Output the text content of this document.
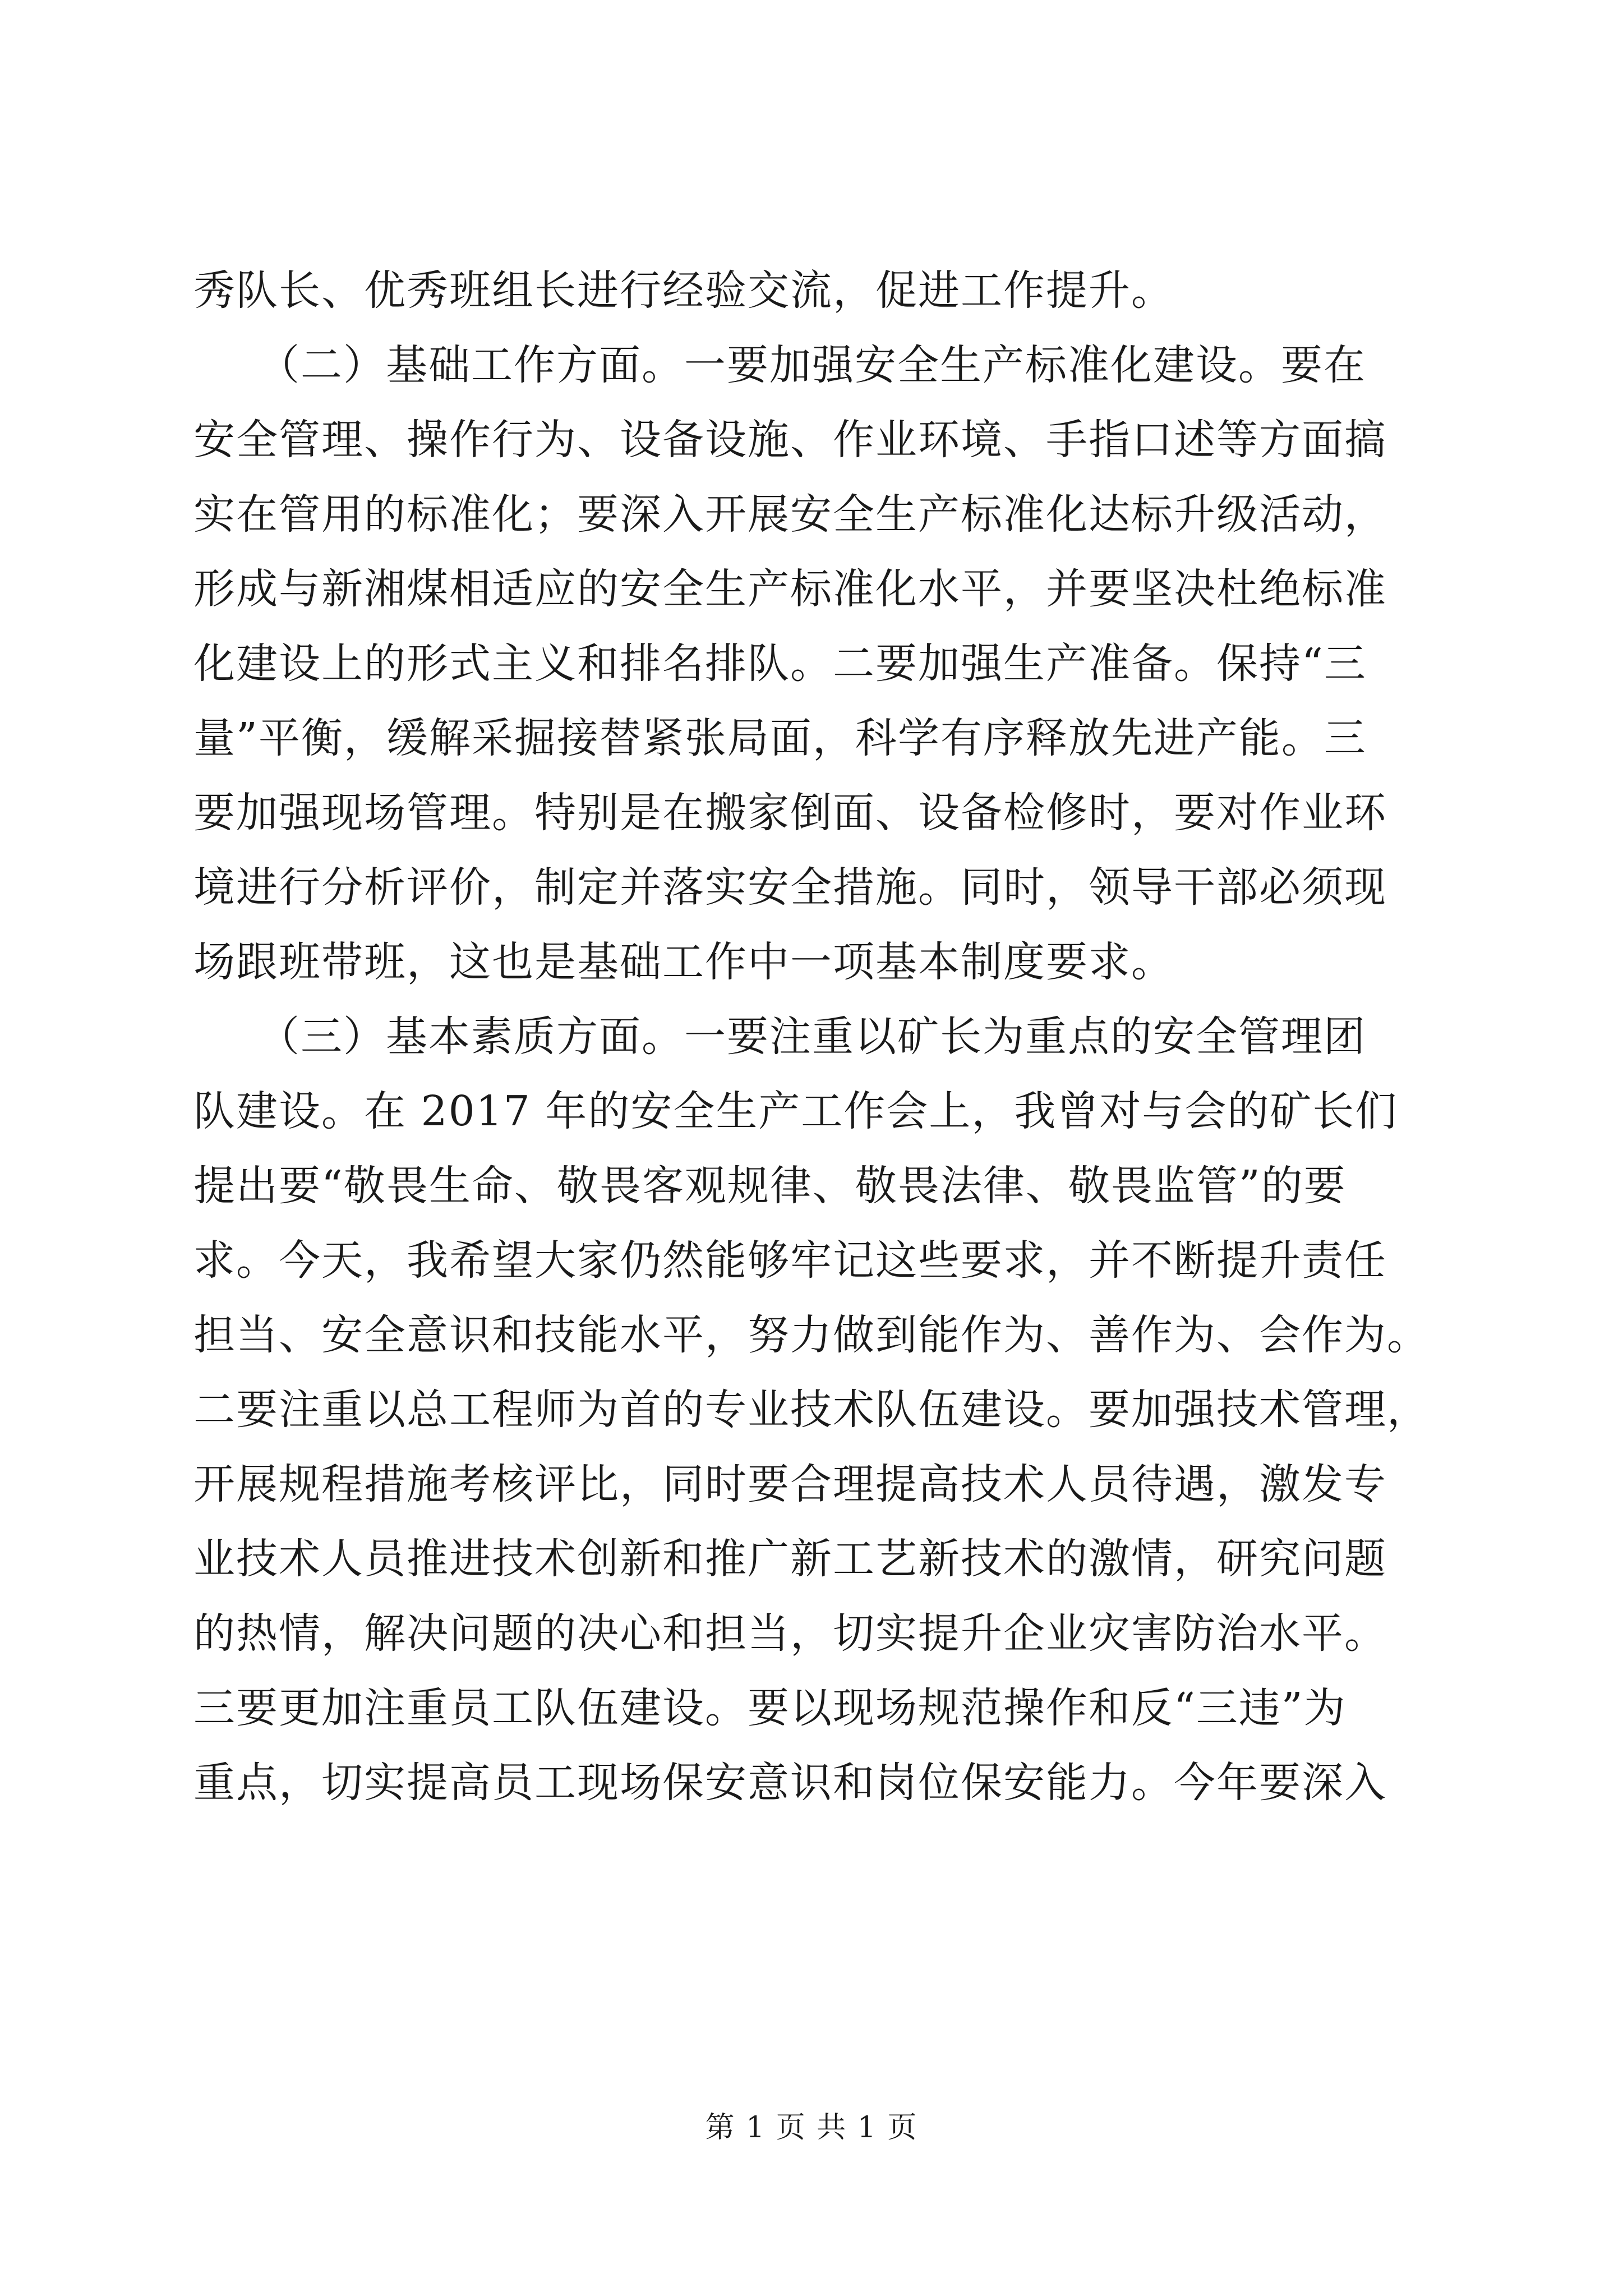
秀队长、优秀班组长进行经验交流，促进工作提升。
　　（二）基础工作方面。一要加强安全生产标准化建设。要在
安全管理、操作行为、设备设施、作业环境、手指口述等方面搞
实在管用的标准化；要深入开展安全生产标准化达标升级活动，
形成与新湘煤相适应的安全生产标准化水平，并要坚决杜绝标准
化建设上的形式主义和排名排队。二要加强生产准备。保持“三
量”平衡，缓解采掘接替紧张局面，科学有序释放先进产能。三
要加强现场管理。特别是在搬家倒面、设备检修时，要对作业环
境进行分析评价，制定并落实安全措施。同时，领导干部必须现
场跟班带班，这也是基础工作中一项基本制度要求。
　　（三）基本素质方面。一要注重以矿长为重点的安全管理团
队建设。在 2017 年的安全生产工作会上，我曾对与会的矿长们
提出要“敬畏生命、敬畏客观规律、敬畏法律、敬畏监管”的要
求。今天，我希望大家仍然能够牢记这些要求，并不断提升责任
担当、安全意识和技能水平，努力做到能作为、善作为、会作为。
二要注重以总工程师为首的专业技术队伍建设。要加强技术管理，
开展规程措施考核评比，同时要合理提高技术人员待遇，激发专
业技术人员推进技术创新和推广新工艺新技术的激情，研究问题
的热情，解决问题的决心和担当，切实提升企业灾害防治水平。
三要更加注重员工队伍建设。要以现场规范操作和反“三违”为
重点，切实提高员工现场保安意识和岗位保安能力。今年要深入
第 1 页 共 1 页
